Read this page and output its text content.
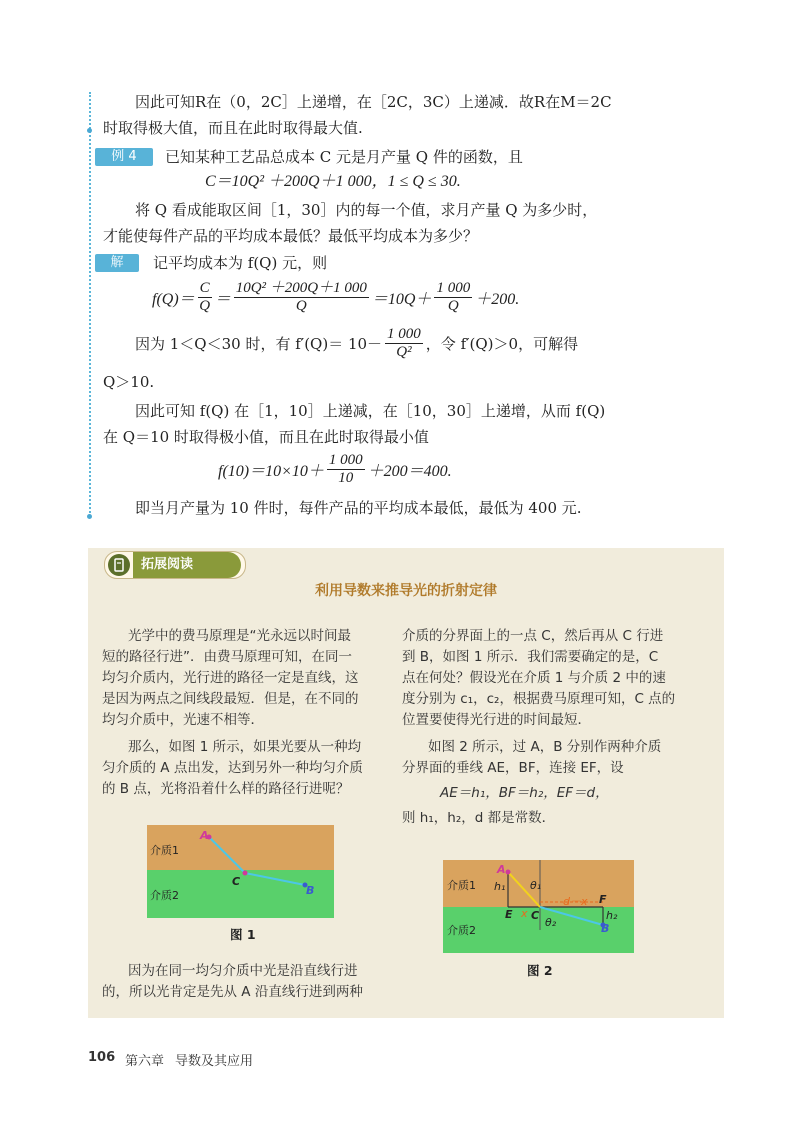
因此可知R在（0，2C］上递增，在［2C，3C）上递减．故R在M＝2C
时取得极大值，而且在此时取得最大值.
例 4	已知某种工艺品总成本 C 元是月产量 Q 件的函数，且
C＝10Q² ＋200Q＋1 000，1 ≤ Q ≤ 30.
将 Q 看成能取区间［1，30］内的每一个值，求月产量 Q 为多少时，
才能使每件产品的平均成本最低？最低平均成本为多少？
解	记平均成本为 f(Q) 元，则
$f(Q)= \frac{C}{Q} = \frac{\text{10Q² ＋200Q＋1 000}}{Q} =10Q+ \frac{1 000}{Q} +200$.
因为 1＜Q＜30 时，有 $f'(Q)= 10- \frac{1 000}{\text{Q²}}$ ，令 f′(Q)＞0，可解得
Q＞10.
因此可知 f(Q) 在［1，10］上递减，在［10，30］上递增，从而 f(Q)
在 Q＝10 时取得极小值，而且在此时取得最小值
$f(10)=10\times 10+ \frac{1 000}{10} +200=400$.
即当月产量为 10 件时，每件产品的平均成本最低，最低为 400 元.
拓展阅读
利用导数来推导光的折射定律
光学中的费马原理是“光永远以时间最
短的路径行进”．由费马原理可知，在同一
均匀介质内，光行进的路径一定是直线，这
是因为两点之间线段最短．但是，在不同的
均匀介质中，光速不相等．
那么，如图 1 所示，如果光要从一种均
匀介质的 A 点出发，达到另外一种均匀介质
的 B 点，光将沿着什么样的路径行进呢？
介质1
介质2
A
C
B
图 1
因为在同一均匀介质中光是沿直线行进
的，所以光肯定是先从 A 沿直线行进到两种
介质的分界面上的一点 C，然后再从 C 行进
到 B，如图 1 所示．我们需要确定的是，C
点在何处？假设光在介质 1 与介质 2 中的速
度分别为 c₁，c₂，根据费马原理可知，C 点的
位置要使得光行进的时间最短．
如图 2 所示，过 A，B 分别作两种介质
分界面的垂线 AE，BF，连接 EF，设
AE＝h₁，BF＝h₂，EF＝d，
则 h₁，h₂，d 都是常数．
介质1
介质2
A
h₁ θ₁
d－x F
E x C
θ₂
h₂
B
图 2
106 第六章 导数及其应用
